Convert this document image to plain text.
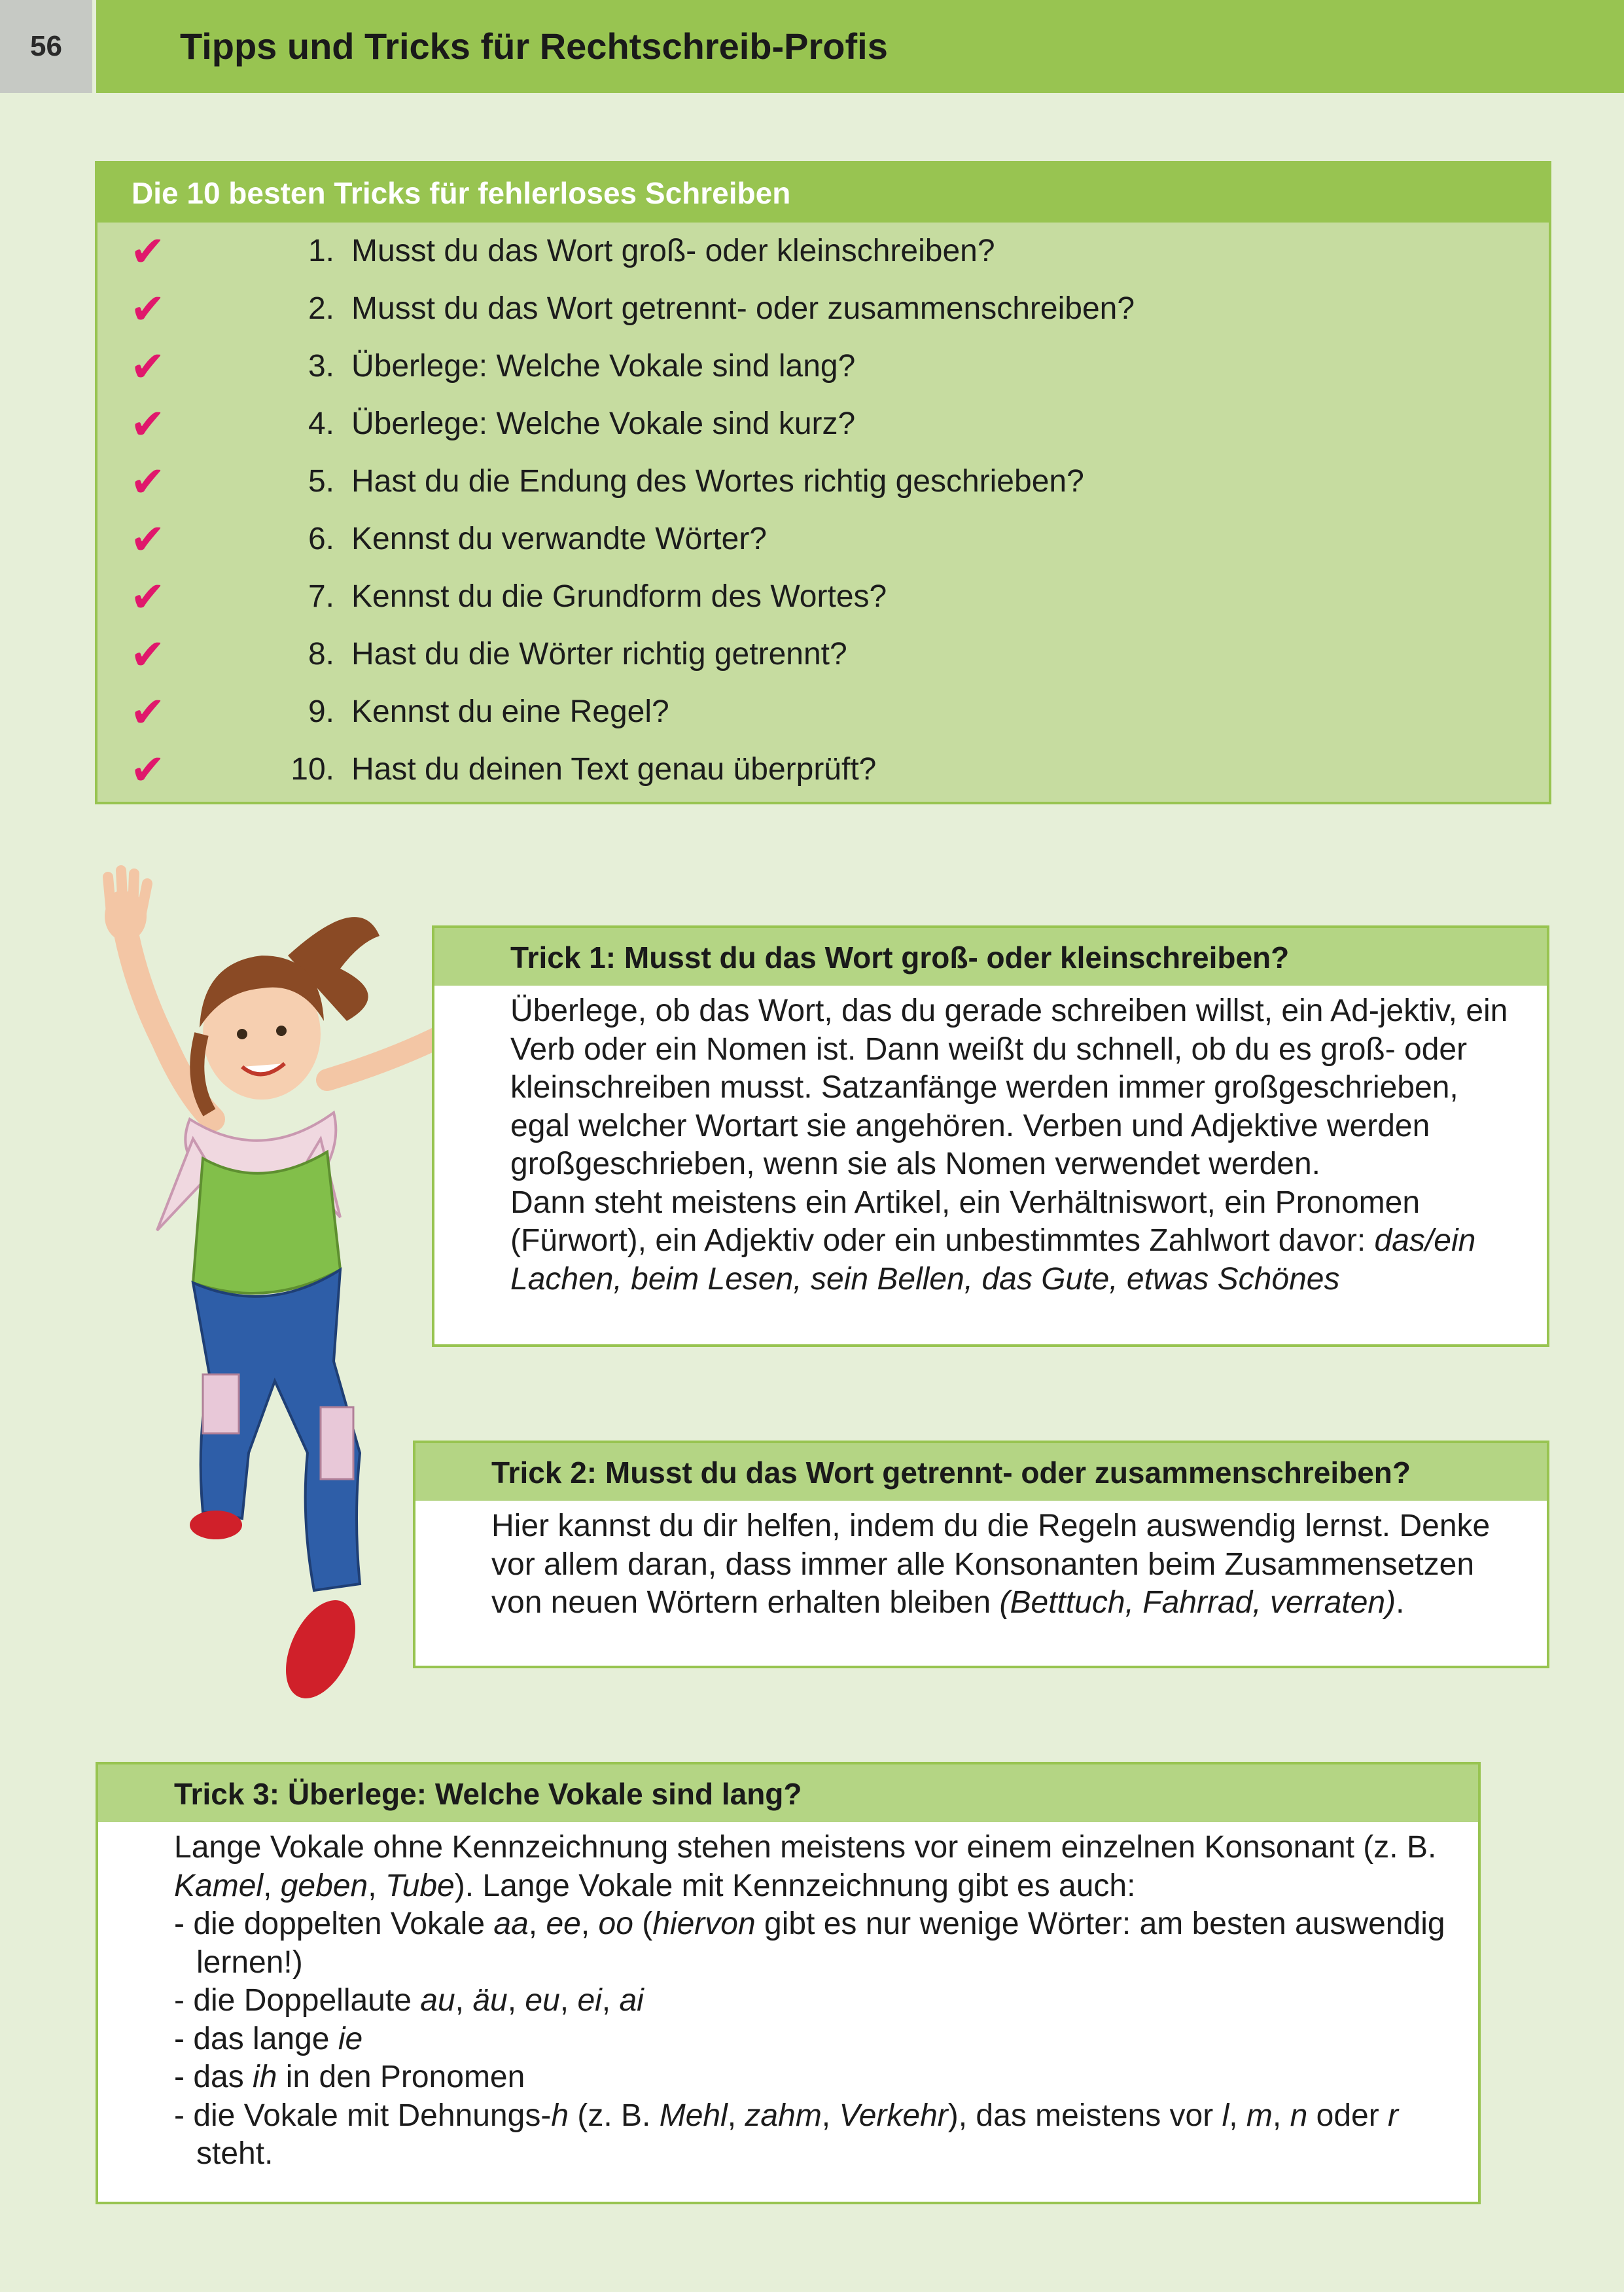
56	Tipps und Tricks für Rechtschreib-Profis
Die 10 besten Tricks für fehlerloses Schreiben
✔	1. Musst du das Wort groß- oder kleinschreiben?
✔	2. Musst du das Wort getrennt- oder zusammenschreiben?
✔	3. Überlege: Welche Vokale sind lang?
✔	4. Überlege: Welche Vokale sind kurz?
✔	5. Hast du die Endung des Wortes richtig geschrieben?
✔	6. Kennst du verwandte Wörter?
✔	7. Kennst du die Grundform des Wortes?
✔	8. Hast du die Wörter richtig getrennt?
✔	9. Kennst du eine Regel?
✔	10. Hast du deinen Text genau überprüft?
Trick 1: Musst du das Wort groß- oder kleinschreiben?

Überlege, ob das Wort, das du gerade schreiben willst, ein Ad-jektiv, ein Verb oder ein Nomen ist. Dann weißt du schnell, ob du es groß- oder kleinschreiben musst. Satzanfänge werden immer großgeschrieben, egal welcher Wortart sie angehören. Verben und Adjektive werden großgeschrieben, wenn sie als Nomen verwendet werden.

Dann steht meistens ein Artikel, ein Verhältniswort, ein Pronomen (Fürwort), ein Adjektiv oder ein unbestimmtes Zahlwort davor: das/ein Lachen, beim Lesen, sein Bellen, das Gute, etwas Schönes

Trick 2: Musst du das Wort getrennt- oder zusammenschreiben?

Hier kannst du dir helfen, indem du die Regeln auswendig lernst. Denke vor allem daran, dass immer alle Konsonanten beim Zusammensetzen von neuen Wörtern erhalten bleiben (Betttuch, Fahrrad, verraten).

Trick 3: Überlege: Welche Vokale sind lang?

Lange Vokale ohne Kennzeichnung stehen meistens vor einem einzelnen Konsonant (z. B. Kamel, geben, Tube). Lange Vokale mit Kennzeichnung gibt es auch:

- die doppelten Vokale aa, ee, oo (hiervon gibt es nur wenige Wörter: am besten auswendig lernen!)

- die Doppellaute au, äu, eu, ei, ai

- das lange ie

- das ih in den Pronomen

- die Vokale mit Dehnungs-h (z. B. Mehl, zahm, Verkehr), das meistens vor l, m, n oder r steht.
